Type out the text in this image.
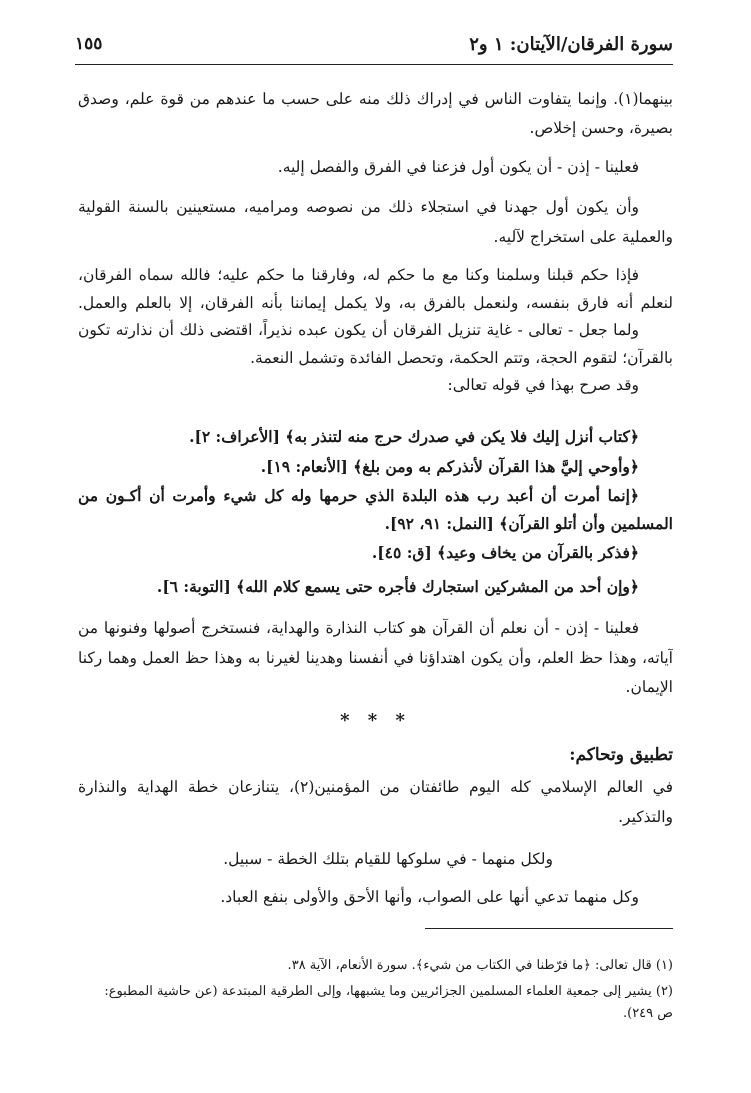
سورة الفرقان/الآيتان: ١ و٢
١٥٥
بينهما(١). وإنما يتفاوت الناس في إدراك ذلك منه على حسب ما عندهم من قوة علم، وصدق
بصيرة، وحسن إخلاص.
فعلينا - إذن - أن يكون أول فزعنا في الفرق والفصل إليه.
وأن يكون أول جهدنا في استجلاء ذلك من نصوصه ومراميه، مستعينين بالسنة القولية
والعملية على استخراج لآليه.
فإذا حكم قبلنا وسلمنا وكنا مع ما حكم له، وفارقنا ما حكم عليه؛ فالله سماه الفرقان،
لنعلم أنه فارق بنفسه، ولنعمل بالفرق به، ولا يكمل إيماننا بأنه الفرقان، إلا بالعلم والعمل.
ولما جعل - تعالى - غاية تنزيل الفرقان أن يكون عبده نذيراً، اقتضى ذلك أن نذارته تكون
بالقرآن؛ لتقوم الحجة، وتتم الحكمة، وتحصل الفائدة وتشمل النعمة.
وقد صرح بهذا في قوله تعالى:
﴿كتاب أنزل إليك فلا يكن في صدرك حرج منه لتنذر به﴾ [الأعراف: ٢].
﴿وأوحي إليَّ هذا القرآن لأنذركم به ومن بلغ﴾ [الأنعام: ١٩].
﴿إنما أمرت أن أعبد رب هذه البلدة الذي حرمها وله كل شيء وأمرت أن أكـون من
المسلمين وأن أتلو القرآن﴾ [النمل: ٩١، ٩٢].
﴿فذكر بالقرآن من يخاف وعيد﴾ [ق: ٤٥].
﴿وإن أحد من المشركين استجارك فأجره حتى يسمع كلام الله﴾ [التوبة: ٦].
فعلينا - إذن - أن نعلم أن القرآن هو كتاب النذارة والهداية، فنستخرج أصولها وفنونها من
آياته، وهذا حظ العلم، وأن يكون اهتداؤنا في أنفسنا وهدينا لغيرنا به وهذا حظ العمل وهما ركنا
الإيمان.
* * *
تطبيق وتحاكم:
في العالم الإسلامي كله اليوم طائفتان من المؤمنين(٢)، يتنازعان خطة الهداية والنذارة
والتذكير.
ولكل منهما - في سلوكها للقيام بتلك الخطة - سبيل.
وكل منهما تدعي أنها على الصواب، وأنها الأحق والأولى بنفع العباد.
(١) قال تعالى: ﴿ما فرّطنا في الكتاب من شيء﴾. سورة الأنعام، الآية ٣٨.
(٢) يشير إلى جمعية العلماء المسلمين الجزائريين وما يشبهها، وإلى الطرقية المبتدعة (عن حاشية المطبوع:
ص ٢٤٩).
